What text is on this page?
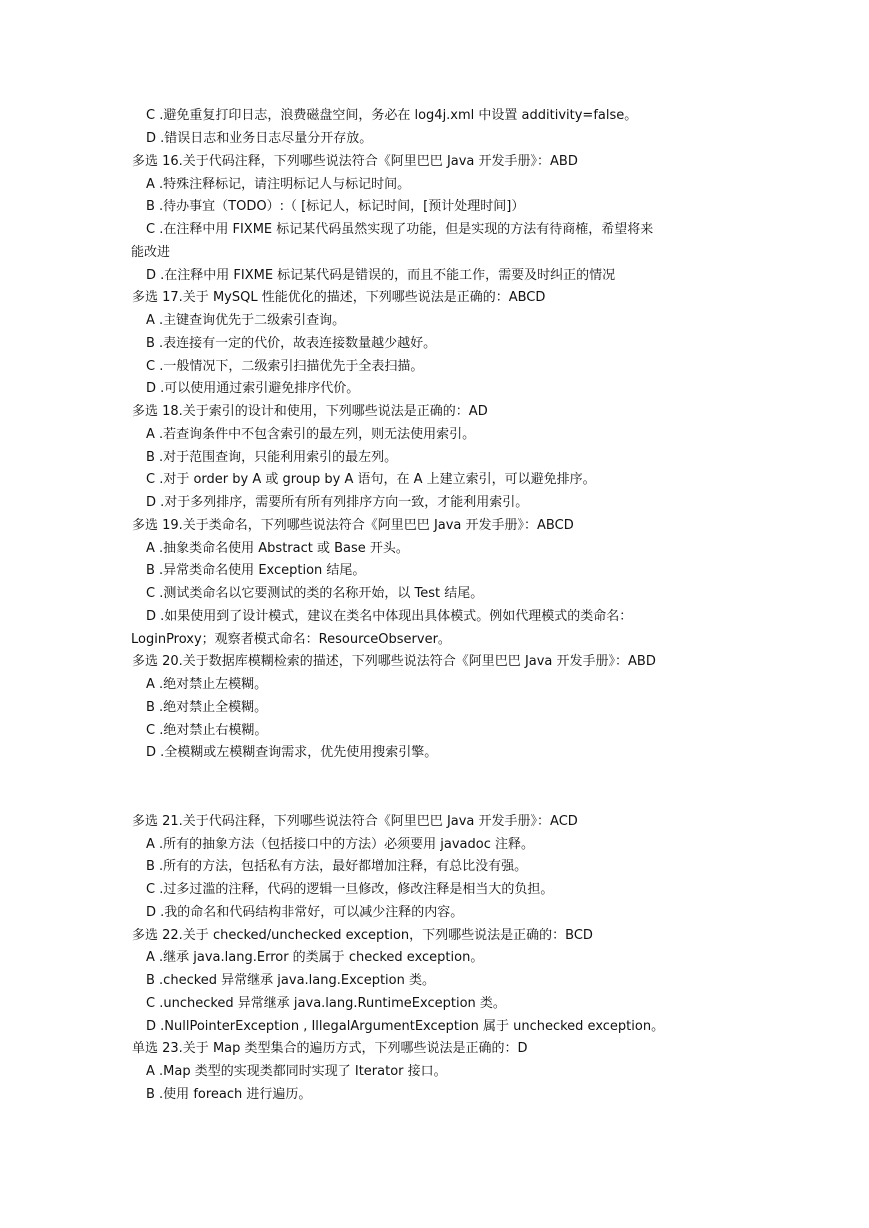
C .避免重复打印日志，浪费磁盘空间，务必在 log4j.xml 中设置 additivity=false。
D .错误日志和业务日志尽量分开存放。
多选 16.关于代码注释，下列哪些说法符合《阿里巴巴 Java 开发手册》：ABD
A .特殊注释标记，请注明标记人与标记时间。
B .待办事宜（TODO）:（ [标记人，标记时间，[预计处理时间]）
C .在注释中用 FIXME 标记某代码虽然实现了功能，但是实现的方法有待商榷，希望将来
能改进
D .在注释中用 FIXME 标记某代码是错误的，而且不能工作，需要及时纠正的情况
多选 17.关于 MySQL 性能优化的描述，下列哪些说法是正确的：ABCD
A .主键查询优先于二级索引查询。
B .表连接有一定的代价，故表连接数量越少越好。
C .一般情况下，二级索引扫描优先于全表扫描。
D .可以使用通过索引避免排序代价。
多选 18.关于索引的设计和使用，下列哪些说法是正确的：AD
A .若查询条件中不包含索引的最左列，则无法使用索引。
B .对于范围查询，只能利用索引的最左列。
C .对于 order by A 或 group by A 语句，在 A 上建立索引，可以避免排序。
D .对于多列排序，需要所有所有列排序方向一致，才能利用索引。
多选 19.关于类命名，下列哪些说法符合《阿里巴巴 Java 开发手册》：ABCD
A .抽象类命名使用 Abstract 或 Base 开头。
B .异常类命名使用 Exception 结尾。
C .测试类命名以它要测试的类的名称开始，以 Test 结尾。
D .如果使用到了设计模式，建议在类名中体现出具体模式。例如代理模式的类命名：
LoginProxy；观察者模式命名：ResourceObserver。
多选 20.关于数据库模糊检索的描述，下列哪些说法符合《阿里巴巴 Java 开发手册》：ABD
A .绝对禁止左模糊。
B .绝对禁止全模糊。
C .绝对禁止右模糊。
D .全模糊或左模糊查询需求，优先使用搜索引擎。
多选 21.关于代码注释，下列哪些说法符合《阿里巴巴 Java 开发手册》：ACD
A .所有的抽象方法（包括接口中的方法）必须要用 javadoc 注释。
B .所有的方法，包括私有方法，最好都增加注释，有总比没有强。
C .过多过滥的注释，代码的逻辑一旦修改，修改注释是相当大的负担。
D .我的命名和代码结构非常好，可以减少注释的内容。
多选 22.关于 checked/unchecked exception，下列哪些说法是正确的：BCD
A .继承 java.lang.Error 的类属于 checked exception。
B .checked 异常继承 java.lang.Exception 类。
C .unchecked 异常继承 java.lang.RuntimeException 类。
D .NullPointerException , IllegalArgumentException 属于 unchecked exception。
单选 23.关于 Map 类型集合的遍历方式，下列哪些说法是正确的：D
A .Map 类型的实现类都同时实现了 Iterator 接口。
B .使用 foreach 进行遍历。
